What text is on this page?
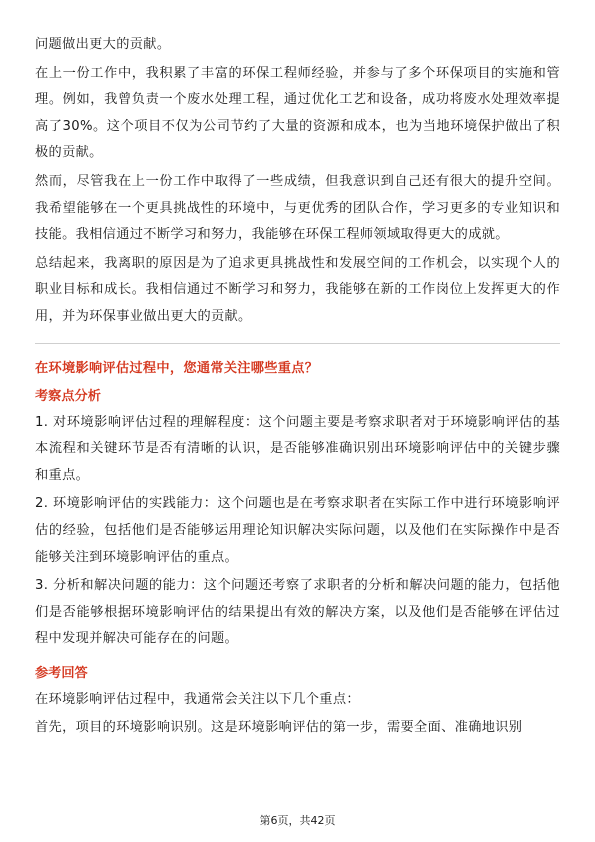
问题做出更大的贡献。

在上一份工作中，我积累了丰富的环保工程师经验，并参与了多个环保项目的实施和管理。例如，我曾负责一个废水处理工程，通过优化工艺和设备，成功将废水处理效率提高了30%。这个项目不仅为公司节约了大量的资源和成本，也为当地环境保护做出了积极的贡献。

然而，尽管我在上一份工作中取得了一些成绩，但我意识到自己还有很大的提升空间。我希望能够在一个更具挑战性的环境中，与更优秀的团队合作，学习更多的专业知识和技能。我相信通过不断学习和努力，我能够在环保工程师领域取得更大的成就。

总结起来，我离职的原因是为了追求更具挑战性和发展空间的工作机会，以实现个人的职业目标和成长。我相信通过不断学习和努力，我能够在新的工作岗位上发挥更大的作用，并为环保事业做出更大的贡献。

在环境影响评估过程中，您通常关注哪些重点？

考察点分析

1. 对环境影响评估过程的理解程度：这个问题主要是考察求职者对于环境影响评估的基本流程和关键环节是否有清晰的认识，是否能够准确识别出环境影响评估中的关键步骤和重点。

2. 环境影响评估的实践能力：这个问题也是在考察求职者在实际工作中进行环境影响评估的经验，包括他们是否能够运用理论知识解决实际问题，以及他们在实际操作中是否能够关注到环境影响评估的重点。

3. 分析和解决问题的能力：这个问题还考察了求职者的分析和解决问题的能力，包括他们是否能够根据环境影响评估的结果提出有效的解决方案，以及他们是否能够在评估过程中发现并解决可能存在的问题。

参考回答

在环境影响评估过程中，我通常会关注以下几个重点：

首先，项目的环境影响识别。这是环境影响评估的第一步，需要全面、准确地识别

第6页，共42页
